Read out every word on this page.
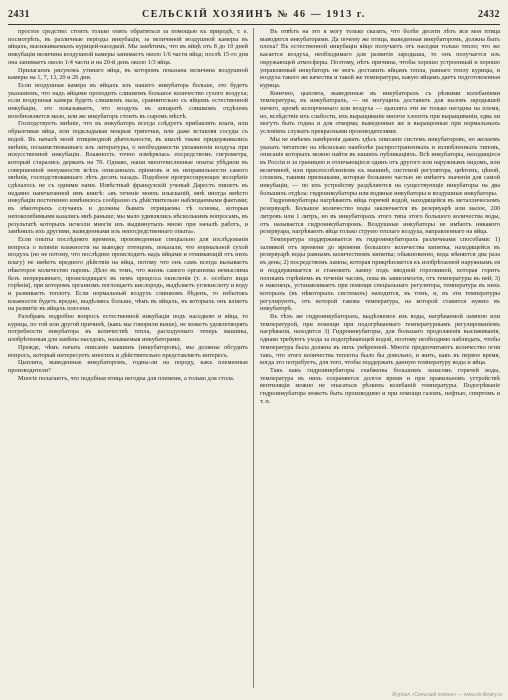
2431	СЕЛЬСКІЙ ХОЗЯИНЪ № 46 — 1913 г.	2432

простое средство: стоитъ только опять обратиться за помощью къ природѣ, т. е. посмотрѣть, въ различные періоды инкубаціи, за величиной воздушной камеры въ яйцахъ, высиживаемыхъ курицей-наседкой. Мы замѣтимъ, что въ яйцѣ отъ 8 до 10 дней инкубаціи величина воздушной камеры занимаетъ около 1/6 части яйца; послѣ 15-го дня она занимаетъ около 1/4 части и на 20-й день около 1/3 яйца.

Прилагаемъ рисунокъ утинаго яйца, въ которомъ показана величина воздушной камеры на 1, 7, 13, 20 и 26 дни.

Если воздушная камера въ яйцахъ изъ нашего инкубатора больше, это будетъ указаніемъ, что надъ яйцами проходитъ слишкомъ большое количество сухого воздуха; если воздушная камера будетъ слишкомъ мала, сравнительно съ яйцомъ естественной инкубаціи, это показываетъ, что воздухъ въ аппаратѣ слишкомъ отдѣленъ возобновляется мало, или же инкубаторъ стоитъ въ сыромъ мѣстѣ.

Господствуетъ мнѣніе, что въ инкубаторъ всегда слѣдуетъ прибавлять влаги, или обрызгивая яйца, или подкладывая мокрыя тряпочки, или даже вставляя сосуды съ водой. Въ началѣ моей птицеводной дѣятельности, въ школѣ также придерживались мнѣнія, позаимствованнаго изъ литературы, о необходимости увлажненія воздуха при искусственной инкубаціи. Влажность точно измѣрялась посредствомъ гигрометра, который старались держать на 70. Однако, наши многочисленные опыты убѣдили въ совершенной ненужности всѣхъ описанныхъ пріемовъ и въ неправильности самого мнѣнія, господствовавшаго лѣтъ десять назадъ. Подобное прогрессирующее воззрѣніе сдѣлалось не съ одними нами. Извѣстный французскій ученый Дарестъ пишетъ въ недавно напечатанной имъ книгѣ: «въ теченіе моихъ изысканій, мнѣ иногда вмѣсто инкубаціи постепенно измѣнялось сообразно съ дѣйствительно наблюдаемыми фактами; въ нѣкоторыхъ случаяхъ и должны бывать отрицаемы тѣ основы, которыя непоколебимыми казались мнѣ раньше; мы мало удивлялись нѣсколькимъ вопросамъ, въ результатѣ которыхъ исчезли многія изъ выдвинутыхъ мною при началѣ работъ, и замѣнилъ ихъ другими, выведенными изъ непосредственнаго опыта».

Если опыты послѣдняго времени, произведенные спеціально для изслѣдованія вопроса о вліяніи влажности на выводку птенцовъ, показали, что нормальной сухой воздухъ (но не потому, что послѣднее происходитъ надъ яйцами и отнимающій отъ нихъ влагу) не имѣетъ вредного дѣйствія на яйца, потому что онъ самъ всегда вызываетъ нѣкоторое количество паровъ. Дѣло въ томъ, что жизнь самого организма немыслима безъ непрерывнаго, происходящаго въ немъ процесса окисленія (т. е. особаго вида горѣнія), при которомъ организмъ поглощаетъ кислородъ, выдѣляетъ углекислоту и воду и развиваетъ теплоту. Если нормальный воздухъ слишкомъ бѣденъ, то избытокъ влажности будетъ вредно, выдѣляясь больше, чѣмъ въ яйцахъ, въ которыхъ онъ вліяетъ на развитіе въ яйцахъ плесени.

Разобравъ подробно вопросъ естественной инкубаціи подъ наседкою и яйца, то курица, по той или другой причинѣ, (какъ мы говорили выше), не можетъ удовлетворять потребности инкубатора въ количествѣ тепла, расходуемаго теперь машины, изобрѣтенныя для замѣны наседокъ, называемыя инкубаторами.

Прежде, чѣмъ начать описаніе машинъ (инкубаторовъ), мы должны обсудить вопросъ, который интересуетъ многихъ и дѣйствительно представляетъ интересъ.

Цыплята, выведенные инкубаторомъ, годны-ли на породу, какъ племенные производители?

Многіе полагаютъ, что подобная птица негодна для племени, а только для стола.

Въ отвѣтъ на это я могу только сказать, что болѣе десяти лѣтъ вся моя птица выводится инкубаторами. Да почему же птица, выведенная инкубаторомъ, должна быть плоха? Въ естественной инкубаціи яйцо получаетъ отъ наседки только тепло; что же касается воздуха, необходимаго для развитія зародыша, то онъ получается изъ окружающей атмосферы. Поэтому, нѣтъ причины, чтобы хорошо устроенный и хорошо управляемый инкубаторъ не могъ доставить яйцамъ тепла, равнаго теплу курицы, и воздуха такого же качества и такой же температуры, какую яйцамъ даетъ подготовленная курица.

Конечно, цыплята, выведенные въ инкубаторахъ съ рѣзкими колебаніями температуры, въ инкубаторахъ, — не могущихъ доставить для вызовъ зародышей ничего, кромѣ испорченнаго или воздуха — цыплята эти не только негодны на племя, но, вслѣдствіе ихъ слабости, ихъ выращиваніе многое хлопоть при выращиваніи, едва ли могутъ быть годны и для откорма; выведенные же и выращенные при нормальныхъ условіяхъ служатъ прекрасными производителями.

Мы не имѣемъ намѣренія давать здѣсь описаніе системъ инкубаторовъ, но желаемъ указать читателю на нѣсколько наиболѣе распространенныхъ и излюбленныхъ типовъ, описаніе которыхъ можно найти въ нашихъ публикаціяхъ. Всѣ инкубаторы, находящіеся въ Россіи и за границею и отличающіеся одинъ отъ другого или наружнымъ видомъ, или величиной, или приспособленіемъ къ машинѣ, системой регулятора, цвѣтомъ, цѣной, словомъ, такими признаками, которые большею частью не имѣютъ значенія для самой инкубаціи, — по ихъ устройству раздѣляются на существующіе инкубаторы на два большихъ отдѣла: гидроинкубаторы или водяные инкубаторы и воздушные инкубаторы.

Гидроинкубаторы нагрѣваютъ яйца горячей водой, находящейся въ металлическомъ резервуарѣ. Большое количество воды заключается въ резервуарѣ или малое, 200 литровъ или 1 литръ, но въ инкубаторахъ этого типа этого большого количества воды, отъ называется гидроинкубаторомъ. Воздушные инкубаторы не имѣютъ никакого резервуара, нагрѣваютъ яйца только струею теплаго воздуха, направленнаго на яйца.

Температура поддерживается въ гидроинкубаторахъ различными способами: 1) заливкой отъ времени до времени большого количества кипятка, находящейся въ резервуарѣ воды равнымъ количествомъ кипятка; обыкновенно, вода мѣняется два раза въ день; 2) посредствомъ лампы, которая прикрѣпляется къ изобрѣтаемой наружнымъ ея и поддерживается и становитъ лампу подъ вводной горловиной, которая горитъ полнымъ горѣніемъ въ теченіи часовъ, пока въ зависимости, отъ температуры въ ней; 3) и наконецъ, устанавливаетъ при помощи спеціальнаго регулятора, температура въ нихъ которыхъ (въ нѣкоторыхъ системахъ) находится, въ томъ, и, въ эти температуры регулируютъ, отъ которой такова температура, на которой ставится нужно въ инкубаторѣ.

Въ тѣхъ же гидроинкубаторахъ, выдѣляемое изъ воды, нагрѣваемой лампою или температурой, при помощи при подогрѣваемаго температурнымъ регулированіемъ нагрѣванія, находится 3) Гидроинкубаторы, для большаго продолженія высиживанія, однако требуютъ ухода за подогрѣвающей водой, поэтому необходимо наблюдать, чтобы температура была должна въ нихъ умѣренной. Многіе предпочитаютъ количество огня такъ, что этого количества теплоты было бы довольно, и жить, какъ въ первое время, когда это потребуетъ, для того, чтобы поддержать данную температуру воды и яйца.

Такъ какъ гидроинкубаторы снабжены большимъ запасомъ горячей воды, температура въ нихъ сохраняется долгое время и при правильномъ устройствѣ вентиляціи можно не опасаться рѣзкихъ колебаній температуры. Подогрѣваніе гидроинкубатора можетъ быть производимо и при помощи газомъ, нефтью, спиртомъ и т. п.

Журнал «Сельский хозяин» — www.cb-library.ru
